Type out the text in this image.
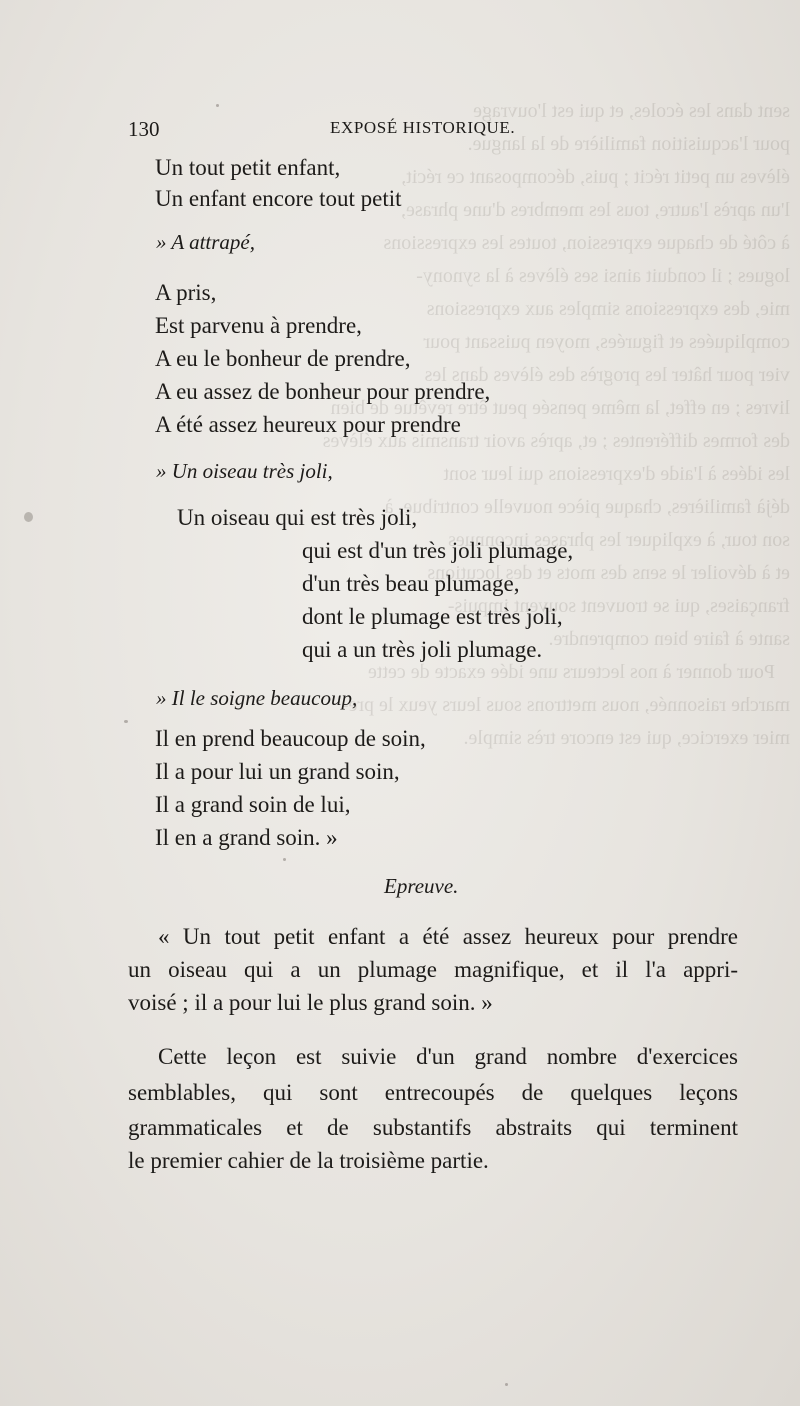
sent dans les écoles, et qui est l'ouvrage
pour l'acquisition familière de la langue.
élèves un petit récit ; puis, décomposant ce récit,
l'un après l'autre, tous les membres d'une phrase,
à côté de chaque expression, toutes les expressions
logues ; il conduit ainsi ses élèves à la synony-
mie, des expressions simples aux expressions
compliquées et figurées, moyen puissant pour
vier pour hâter les progrès des élèves dans les
livres ; en effet, la même pensée peut être revêtue de bien
des formes différentes ; et, après avoir transmis aux élèves
les idées à l'aide d'expressions qui leur sont
déjà familières, chaque pièce nouvelle contribue, à
son tour, à expliquer les phrases inconnues
et à dévoiler le sens des mots et des locutions
françaises, qui se trouvent souvent impuis-
sante à faire bien comprendre.
Pour donner à nos lecteurs une idée exacte de cette
marche raisonnée, nous mettrons sous leurs yeux le pre-
mier exercice, qui est encore très simple.
130	EXPOSÉ HISTORIQUE.
Un tout petit enfant,
Un enfant encore tout petit
» A attrapé,
A pris,
Est parvenu à prendre,
A eu le bonheur de prendre,
A eu assez de bonheur pour prendre,
A été assez heureux pour prendre
» Un oiseau très joli,
Un oiseau qui est très joli,
qui est d'un très joli plumage,
d'un très beau plumage,
dont le plumage est très joli,
qui a un très joli plumage.
» Il le soigne beaucoup,
Il en prend beaucoup de soin,
Il a pour lui un grand soin,
Il a grand soin de lui,
Il en a grand soin. »
Epreuve.
« Un tout petit enfant a été assez heureux pour prendre
un oiseau qui a un plumage magnifique, et il l'a appri-
voisé ; il a pour lui le plus grand soin. »
Cette leçon est suivie d'un grand nombre d'exercices
semblables, qui sont entrecoupés de quelques leçons
grammaticales et de substantifs abstraits qui terminent
le premier cahier de la troisième partie.
